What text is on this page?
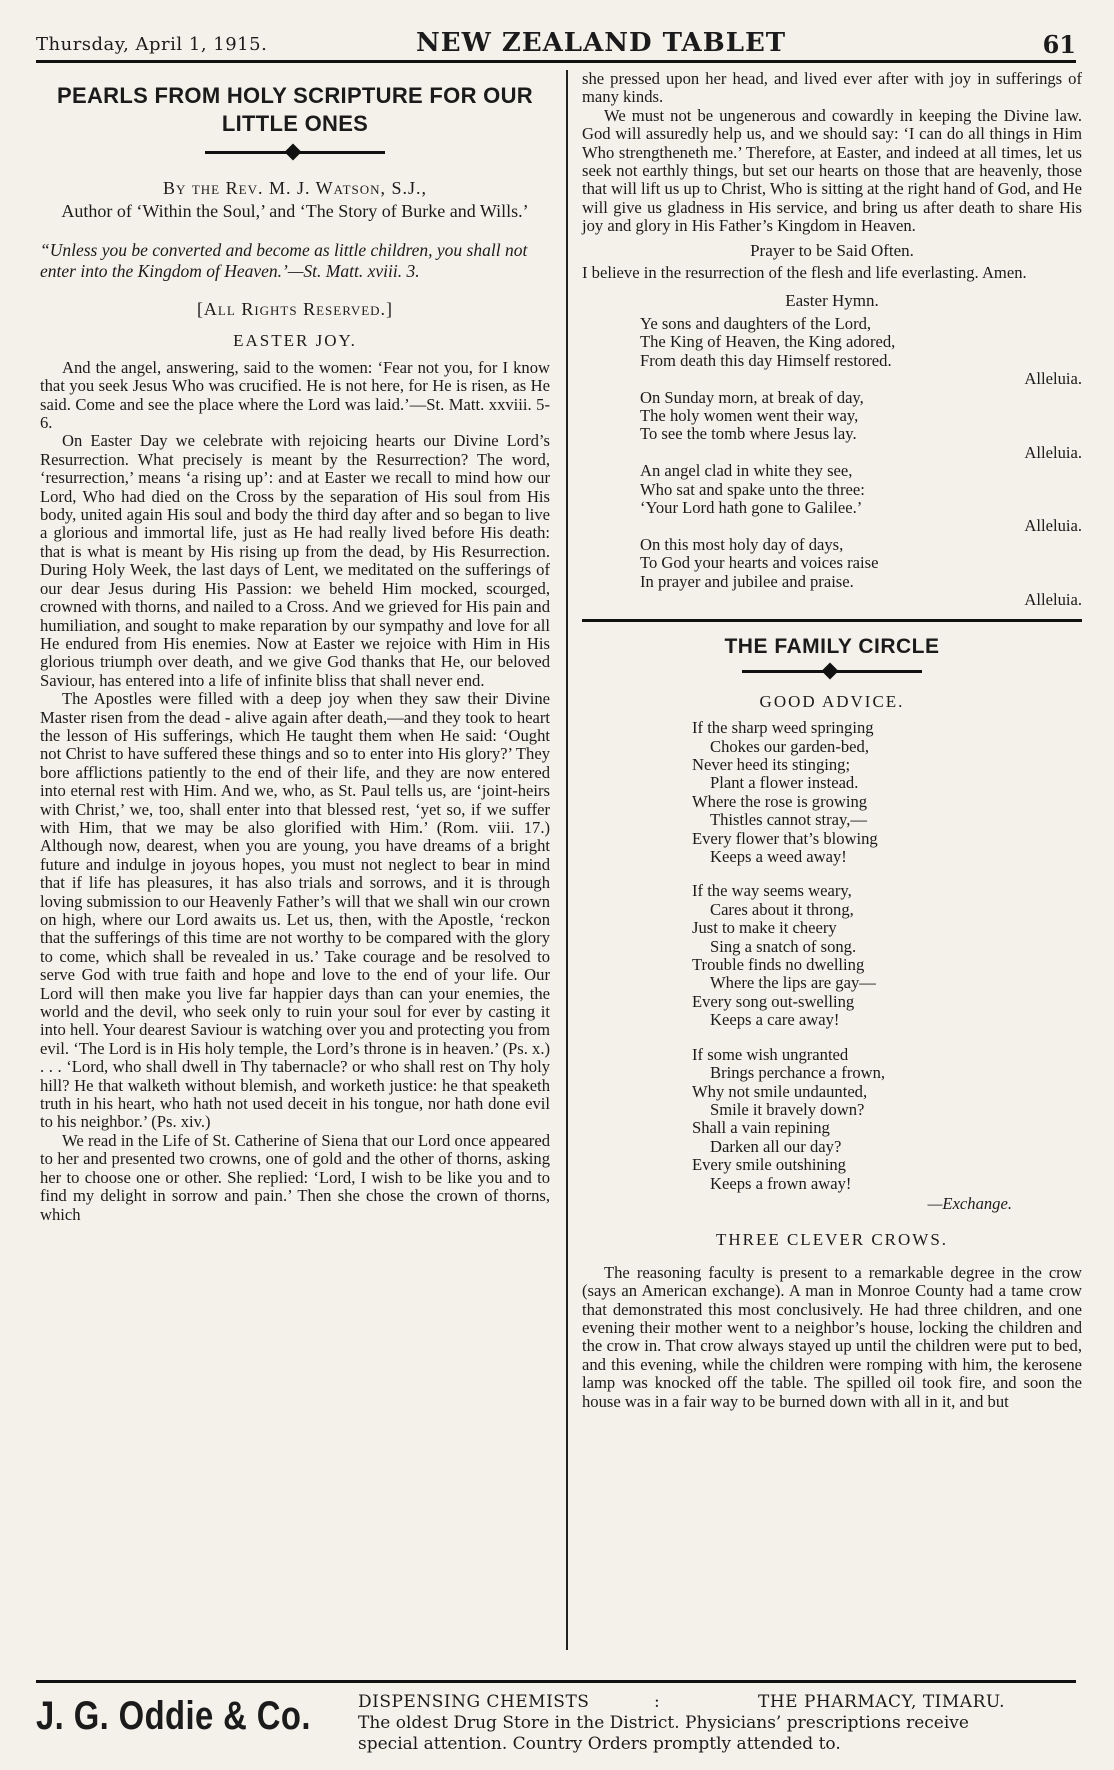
Thursday, April 1, 1915.	NEW ZEALAND TABLET	61
PEARLS FROM HOLY SCRIPTURE FOR OUR LITTLE ONES
By the Rev. M. J. Watson, S.J.,
Author of ‘Within the Soul,’ and ‘The Story of Burke and Wills.’
“Unless you be converted and become as little children, you shall not enter into the Kingdom of Heaven.’—St. Matt. xviii. 3.
[All Rights Reserved.]
EASTER JOY.

And the angel, answering, said to the women: ‘Fear not you, for I know that you seek Jesus Who was crucified. He is not here, for He is risen, as He said. Come and see the place where the Lord was laid.’—St. Matt. xxviii. 5-6.

On Easter Day we celebrate with rejoicing hearts our Divine Lord’s Resurrection. What precisely is meant by the Resurrection? The word, ‘resurrection,’ means ‘a rising up’: and at Easter we recall to mind how our Lord, Who had died on the Cross by the separation of His soul from His body, united again His soul and body the third day after and so began to live a glorious and immortal life, just as He had really lived before His death: that is what is meant by His rising up from the dead, by His Resurrection. During Holy Week, the last days of Lent, we meditated on the sufferings of our dear Jesus during His Passion: we beheld Him mocked, scourged, crowned with thorns, and nailed to a Cross. And we grieved for His pain and humiliation, and sought to make reparation by our sympathy and love for all He endured from His enemies. Now at Easter we rejoice with Him in His glorious triumph over death, and we give God thanks that He, our beloved Saviour, has entered into a life of infinite bliss that shall never end.

The Apostles were filled with a deep joy when they saw their Divine Master risen from the dead - alive again after death,—and they took to heart the lesson of His sufferings, which He taught them when He said: ‘Ought not Christ to have suffered these things and so to enter into His glory?’ They bore afflictions patiently to the end of their life, and they are now entered into eternal rest with Him. And we, who, as St. Paul tells us, are ‘joint-heirs with Christ,’ we, too, shall enter into that blessed rest, ‘yet so, if we suffer with Him, that we may be also glorified with Him.’ (Rom. viii. 17.) Although now, dearest, when you are young, you have dreams of a bright future and indulge in joyous hopes, you must not neglect to bear in mind that if life has pleasures, it has also trials and sorrows, and it is through loving submission to our Heavenly Father’s will that we shall win our crown on high, where our Lord awaits us. Let us, then, with the Apostle, ‘reckon that the sufferings of this time are not worthy to be compared with the glory to come, which shall be revealed in us.’ Take courage and be resolved to serve God with true faith and hope and love to the end of your life. Our Lord will then make you live far happier days than can your enemies, the world and the devil, who seek only to ruin your soul for ever by casting it into hell. Your dearest Saviour is watching over you and protecting you from evil. ‘The Lord is in His holy temple, the Lord’s throne is in heaven.’ (Ps. x.) . . . ‘Lord, who shall dwell in Thy tabernacle? or who shall rest on Thy holy hill? He that walketh without blemish, and worketh justice: he that speaketh truth in his heart, who hath not used deceit in his tongue, nor hath done evil to his neighbor.’ (Ps. xiv.)

We read in the Life of St. Catherine of Siena that our Lord once appeared to her and presented two crowns, one of gold and the other of thorns, asking her to choose one or other. She replied: ‘Lord, I wish to be like you and to find my delight in sorrow and pain.’ Then she chose the crown of thorns, which

she pressed upon her head, and lived ever after with joy in sufferings of many kinds.

We must not be ungenerous and cowardly in keeping the Divine law. God will assuredly help us, and we should say: ‘I can do all things in Him Who strengtheneth me.’ Therefore, at Easter, and indeed at all times, let us seek not earthly things, but set our hearts on those that are heavenly, those that will lift us up to Christ, Who is sitting at the right hand of God, and He will give us gladness in His service, and bring us after death to share His joy and glory in His Father’s Kingdom in Heaven.

Prayer to be Said Often.
I believe in the resurrection of the flesh and life everlasting. Amen.
Easter Hymn.
Ye sons and daughters of the Lord,
The King of Heaven, the King adored,
From death this day Himself restored.
Alleluia.
On Sunday morn, at break of day,
The holy women went their way,
To see the tomb where Jesus lay.
Alleluia.
An angel clad in white they see,
Who sat and spake unto the three:
‘Your Lord hath gone to Galilee.’
Alleluia.
On this most holy day of days,
To God your hearts and voices raise
In prayer and jubilee and praise.
Alleluia.
THE FAMILY CIRCLE
GOOD ADVICE.
If the sharp weed springing
Chokes our garden-bed,
Never heed its stinging;
Plant a flower instead.
Where the rose is growing
Thistles cannot stray,—
Every flower that’s blowing
Keeps a weed away!
If the way seems weary,
Cares about it throng,
Just to make it cheery
Sing a snatch of song.
Trouble finds no dwelling
Where the lips are gay—
Every song out-swelling
Keeps a care away!
If some wish ungranted
Brings perchance a frown,
Why not smile undaunted,
Smile it bravely down?
Shall a vain repining
Darken all our day?
Every smile outshining
Keeps a frown away!
—Exchange.
THREE CLEVER CROWS.

The reasoning faculty is present to a remarkable degree in the crow (says an American exchange). A man in Monroe County had a tame crow that demonstrated this most conclusively. He had three children, and one evening their mother went to a neighbor’s house, locking the children and the crow in. That crow always stayed up until the children were put to bed, and this evening, while the children were romping with him, the kerosene lamp was knocked off the table. The spilled oil took fire, and soon the house was in a fair way to be burned down with all in it, and but

J. G. Oddie & Co.	DISPENSING CHEMISTS	:	THE PHARMACY, TIMARU.
The oldest Drug Store in the District. Physicians’ prescriptions receive
special attention. Country Orders promptly attended to.
